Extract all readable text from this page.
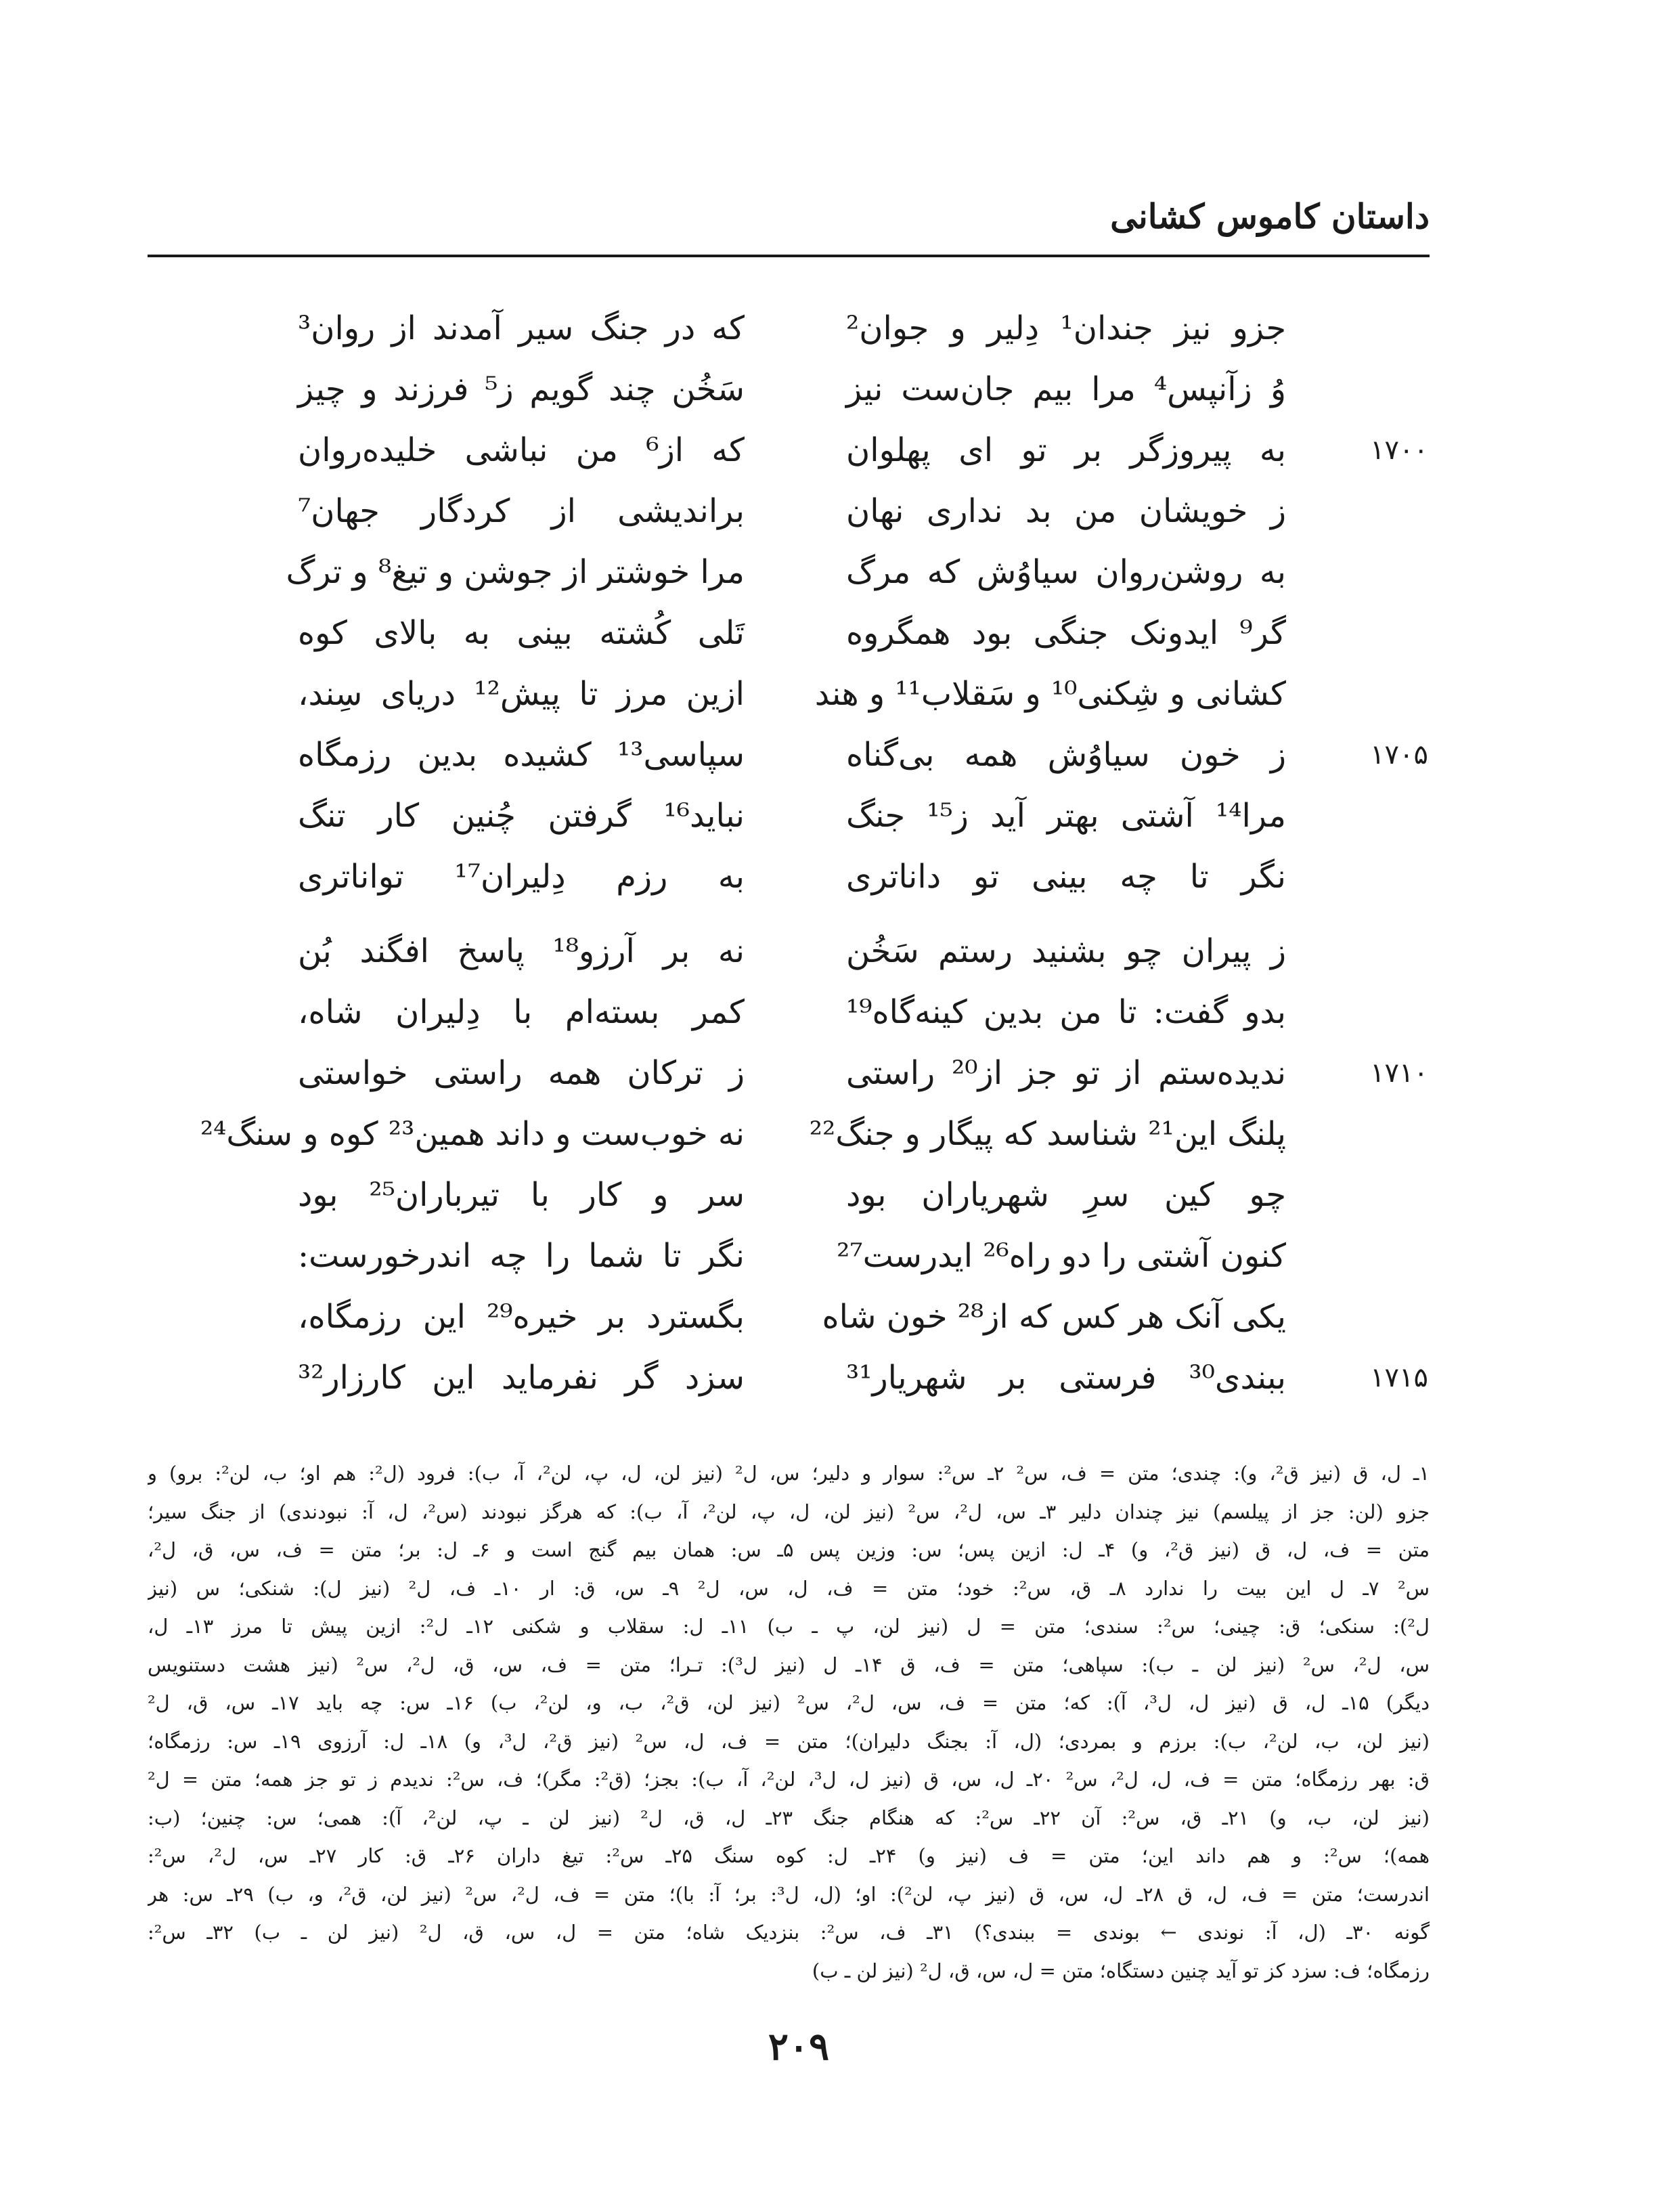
داستان کاموس کشانی
جزو نیز جندان¹ دِلیر و جوان²
که در جنگ سیر آمدند از روان³
وُ زآنپس⁴ مرا بیم جان‌ست نیز
سَخُن چند گویم ز⁵ فرزند و چیز
۱۷۰۰
به پیروزگر بر تو ای پهلوان
که از⁶ من نباشی خلیده‌روان
ز خویشان من بد نداری نهان
براندیشی از کردگار جهان⁷
به روشن‌روان سیاوُش که مرگ
مرا خوشتر از جوشن و تیغ⁸ و ترگ
گر⁹ ایدونک جنگی بود همگروه
تَلی کُشته بینی به بالای کوه
کشانی و شِکنی¹⁰ و سَقلاب¹¹ و هند
ازین مرز تا پیش¹² دریای سِند،
۱۷۰۵
ز خون سیاوُش همه بی‌گناه
سپاسی¹³ کشیده بدین رزمگاه
مرا¹⁴ آشتی بهتر آید ز¹⁵ جنگ
نباید¹⁶ گرفتن چُنین کار تنگ
نگر تا چه بینی تو داناتری
به رزم دِلیران¹⁷ تواناتری
ز پیران چو بشنید رستم سَخُن
نه بر آرزو¹⁸ پاسخ افگند بُن
بدو گفت: تا من بدین کینه‌گاه¹⁹
کمر بسته‌ام با دِلیران شاه،
۱۷۱۰
ندیده‌ستم از تو جز از²⁰ راستی
ز ترکان همه راستی خواستی
پلنگ این²¹ شناسد که پیگار و جنگ²²
نه خوب‌ست و داند همین²³ کوه و سنگ²⁴
چو کین سرِ شهریاران بود
سر و کار با تیرباران²⁵ بود
کنون آشتی را دو راه²⁶ ایدرست²⁷
نگر تا شما را چه اندرخورست:
یکی آنک هر کس که از²⁸ خون شاه
بگسترد بر خیره²⁹ این رزمگاه،
۱۷۱۵
ببندی³⁰ فرستی بر شهریار³¹
سزد گر نفرماید این کارزار³²
۱ـ ل، ق (نیز ق²، و): چندی؛ متن = ف، س² ۲ـ س²: سوار و دلیر؛ س، ل² (نیز لن، ل، پ، لن²، آ، ب): فرود (ل²: هم او؛ ب، لن²: برو) و
جزو (لن: جز از پیلسم) نیز چندان دلیر ۳ـ س، ل²، س² (نیز لن، ل، پ، لن²، آ، ب): که هرگز نبودند (س²، ل، آ: نبودندی) از جنگ سیر؛
متن = ف، ل، ق (نیز ق²، و) ۴ـ ل: ازین پس؛ س: وزین پس ۵ـ س: همان بیم گنج است و ۶ـ ل: بر؛ متن = ف، س، ق، ل²،
س² ۷ـ ل این بیت را ندارد ۸ـ ق، س²: خود؛ متن = ف، ل، س، ل² ۹ـ س، ق: ار ۱۰ـ ف، ل² (نیز ل): شنکی؛ س (نیز
ل²): سنکی؛ ق: چینی؛ س²: سندی؛ متن = ل (نیز لن، پ ـ ب) ۱۱ـ ل: سقلاب و شکنی ۱۲ـ ل²: ازین پیش تا مرز ۱۳ـ ل،
س، ل²، س² (نیز لن ـ ب): سپاهی؛ متن = ف، ق ۱۴ـ ل (نیز ل³): تـرا؛ متن = ف، س، ق، ل²، س² (نیز هشت دستنویس
دیگر) ۱۵ـ ل، ق (نیز ل، ل³، آ): که؛ متن = ف، س، ل²، س² (نیز لن، ق²، ب، و، لن²، ب) ۱۶ـ س: چه باید ۱۷ـ س، ق، ل²
(نیز لن، ب، لن²، ب): برزم و بمردی؛ (ل، آ: بجنگ دلیران)؛ متن = ف، ل، س² (نیز ق²، ل³، و) ۱۸ـ ل: آرزوی ۱۹ـ س: رزمگاه؛
ق: بهر رزمگاه؛ متن = ف، ل، ل²، س² ۲۰ـ ل، س، ق (نیز ل، ل³، لن²، آ، ب): بجز؛ (ق²: مگر)؛ ف، س²: ندیدم ز تو جز همه؛ متن = ل²
(نیز لن، ب، و) ۲۱ـ ق، س²: آن ۲۲ـ س²: که هنگام جنگ ۲۳ـ ل، ق، ل² (نیز لن ـ پ، لن²، آ): همی؛ س: چنین؛ (ب:
همه)؛ س²: و هم داند این؛ متن = ف (نیز و) ۲۴ـ ل: کوه سنگ ۲۵ـ س²: تیغ داران ۲۶ـ ق: کار ۲۷ـ س، ل²، س²:
اندرست؛ متن = ف، ل، ق ۲۸ـ ل، س، ق (نیز پ، لن²): او؛ (ل، ل³: بر؛ آ: با)؛ متن = ف، ل²، س² (نیز لن، ق²، و، ب) ۲۹ـ س: هر
گونه ۳۰ـ (ل، آ: نوندی ← بوندی = ببندی؟) ۳۱ـ ف، س²: بنزدیک شاه؛ متن = ل، س، ق، ل² (نیز لن ـ ب) ۳۲ـ س²:
رزمگاه؛ ف: سزد کز تو آید چنین دستگاه؛ متن = ل، س، ق، ل² (نیز لن ـ ب)
۲۰۹
